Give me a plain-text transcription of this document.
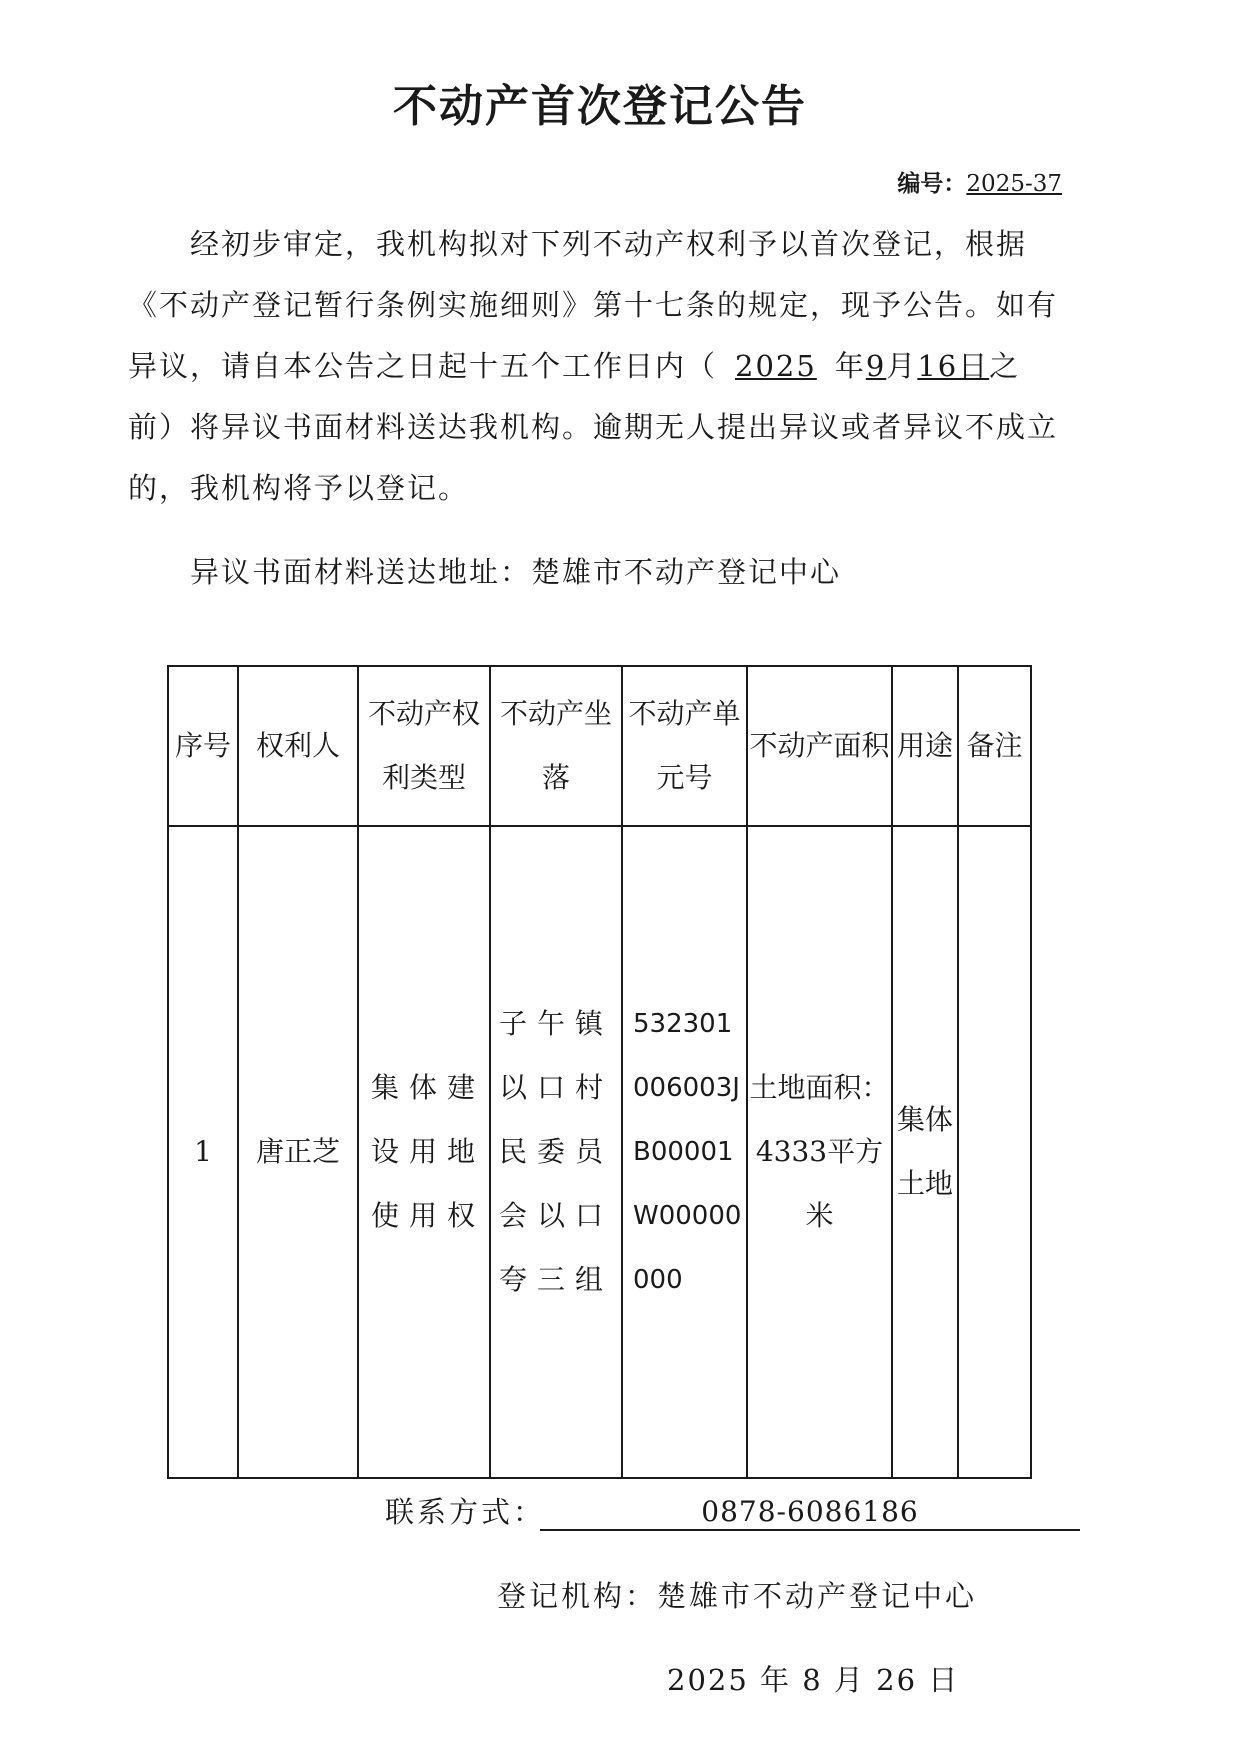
不动产首次登记公告
编号：2025-37
经初步审定，我机构拟对下列不动产权利予以首次登记，根据《不动产登记暂行条例实施细则》第十七条的规定，现予公告。如有异议，请自本公告之日起十五个工作日内（ 2025 年9月16日之前）将异议书面材料送达我机构。逾期无人提出异议或者异议不成立的，我机构将予以登记。
异议书面材料送达地址：楚雄市不动产登记中心
序号	权利人	不动产权利类型	不动产坐落	不动产单元号	不动产面积	用途	备注
1	唐正芝	集体建设用地使用权	子午镇以口村民委员会以口夸三组	532301006003JB00001W00000000	土地面积：4333平方米	集体土地	
联系方式：	0878-6086186
登记机构：楚雄市不动产登记中心
2025 年 8 月 26 日
